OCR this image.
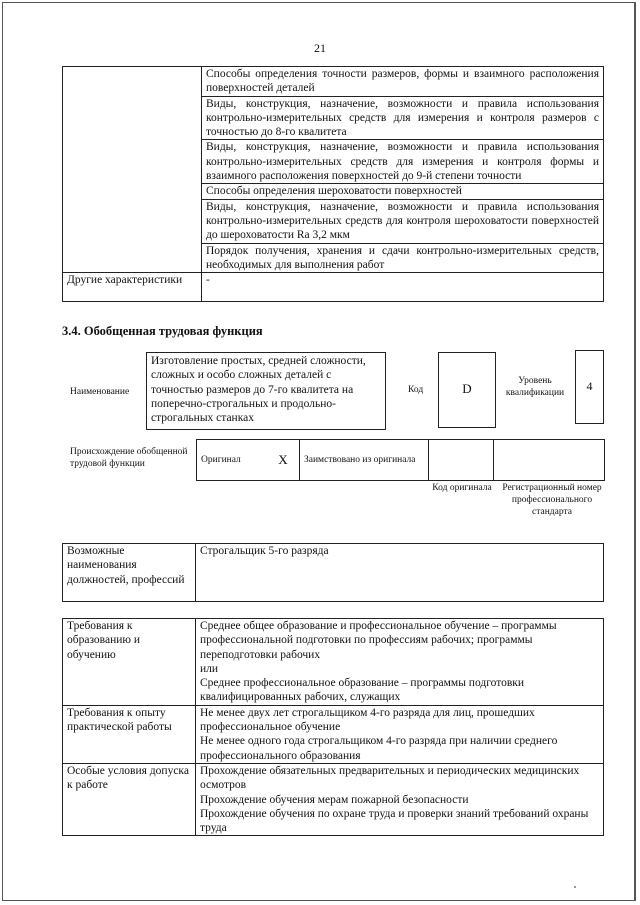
21
	Способы определения точности размеров, формы и взаимного расположения поверхностей деталей
	Виды, конструкция, назначение, возможности и правила использования контрольно-измерительных средств для измерения и контроля размеров с точностью до 8-го квалитета
	Виды, конструкция, назначение, возможности и правила использования контрольно-измерительных средств для измерения и контроля формы и взаимного расположения поверхностей до 9-й степени точности
	Способы определения шероховатости поверхностей
	Виды, конструкция, назначение, возможности и правила использования контрольно-измерительных средств для контроля шероховатости поверхностей до шероховатости Ra 3,2 мкм
	Порядок получения, хранения и сдачи контрольно-измерительных средств, необходимых для выполнения работ
Другие характеристики	-
3.4. Обобщенная трудовая функция
Наименование
Изготовление простых, средней сложности, сложных и особо сложных деталей с точностью размеров до 7-го квалитета на поперечно-строгальных и продольно-строгальных станках
Код	D	Уровень квалификации	4
Происхождение обобщенной трудовой функции	Оригинал	X	Заимствовано из оригинала		
Код оригинала Регистрационный номер профессионального стандарта
Возможные наименования должностей, профессий	Строгальщик 5-го разряда
Требования к образованию и обучению	Среднее общее образование и профессиональное обучение – программы профессиональной подготовки по профессиям рабочих; программы переподготовки рабочих
или
Среднее профессиональное образование – программы подготовки квалифицированных рабочих, служащих

Требования к опыту практической работы	Не менее двух лет строгальщиком 4-го разряда для лиц, прошедших профессиональное обучение
Не менее одного года строгальщиком 4-го разряда при наличии среднего профессионального образования

Особые условия допуска к работе	Прохождение обязательных предварительных и периодических медицинских осмотров
Прохождение обучения мерам пожарной безопасности
Прохождение обучения по охране труда и проверки знаний требований охраны труда
